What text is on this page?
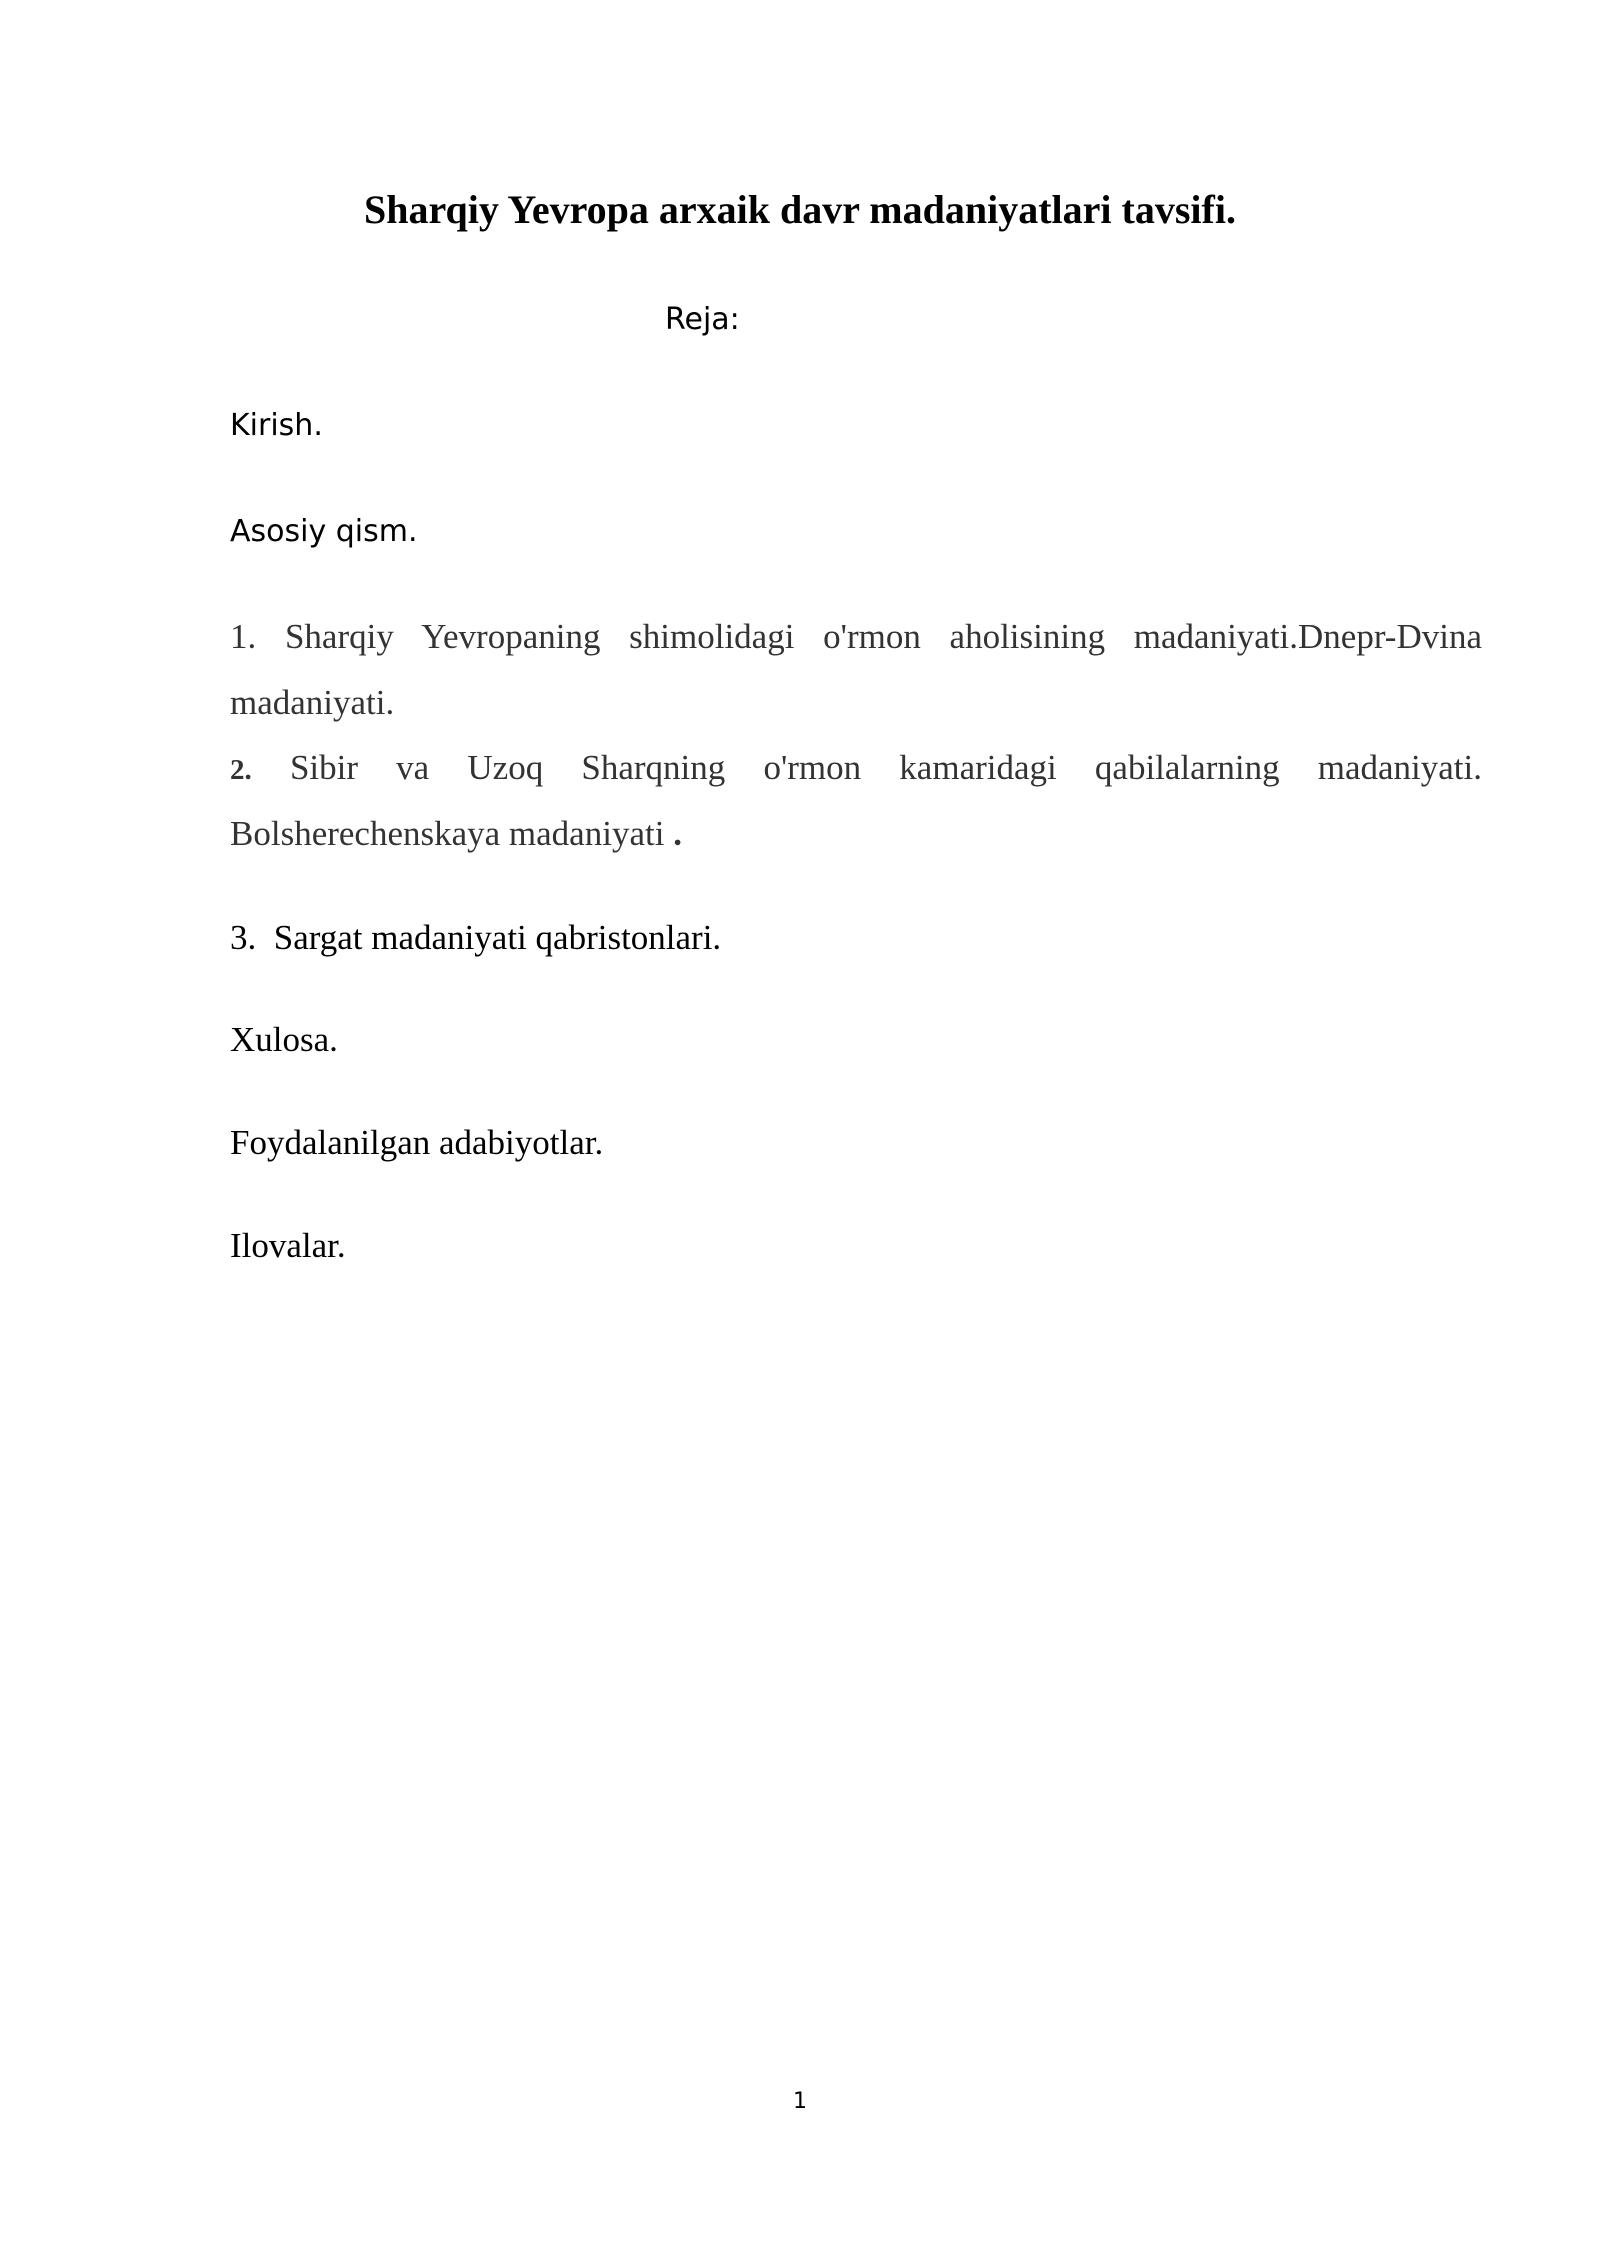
Sharqiy Yevropa arxaik davr madaniyatlari tavsifi.

Reja:

Kirish.

Asosiy qism.

1. Sharqiy Yevropaning shimolidagi o'rmon aholisining madaniyati.Dnepr-Dvina
madaniyati.
2. Sibir va Uzoq Sharqning o'rmon kamaridagi qabilalarning madaniyati.
Bolsherechenskaya madaniyati .
3. Sargat madaniyati qabristonlari.
Xulosa.
Foydalanilgan adabiyotlar.
Ilovalar.

1
